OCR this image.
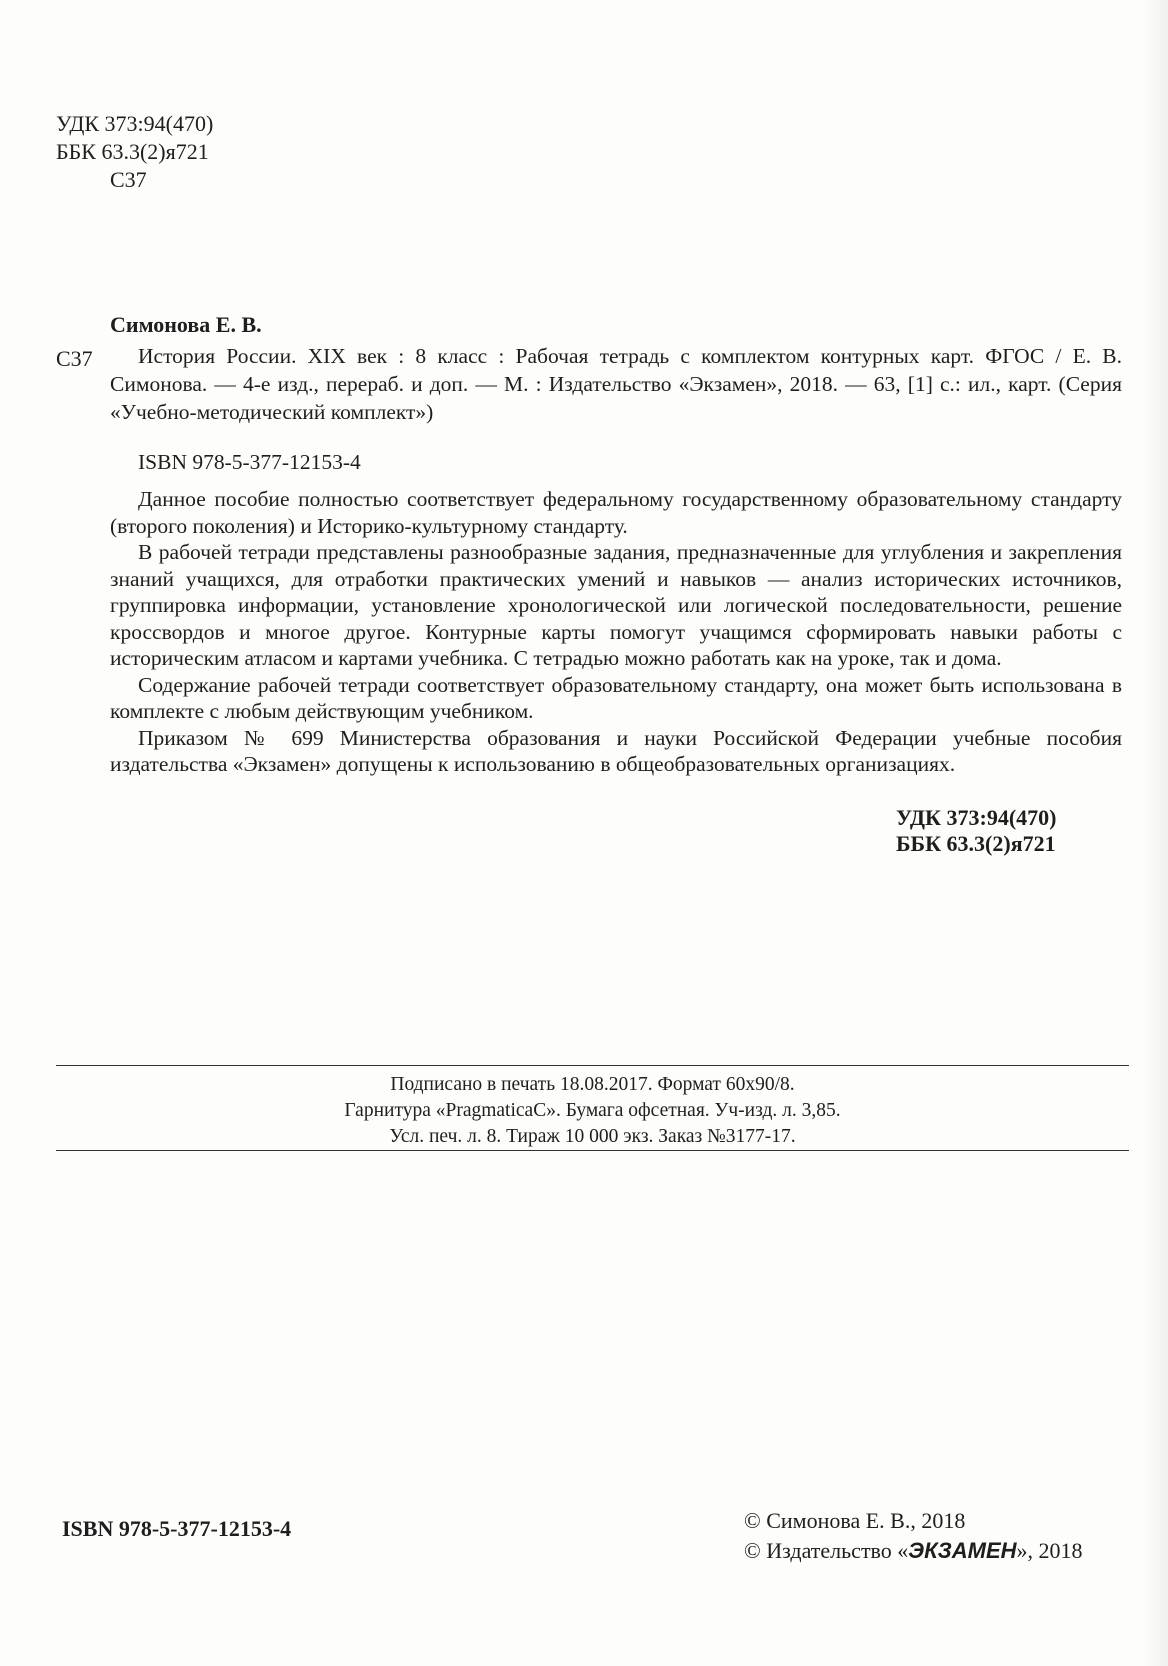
УДК 373:94(470)
ББК 63.3(2)я721
С37
Симонова Е. В.
С37	История России. XIX век : 8 класс : Рабочая тетрадь с комплектом контурных карт. ФГОС / Е. В. Симонова. — 4-е изд., перераб. и доп. — М. : Издательство «Экзамен», 2018. — 63, [1] с.: ил., карт. (Серия «Учебно-методический комплект»)
ISBN 978-5-377-12153-4

Данное пособие полностью соответствует федеральному государственному образовательному стандарту (второго поколения) и Историко-культурному стандарту.

В рабочей тетради представлены разнообразные задания, предназначенные для углубления и закрепления знаний учащихся, для отработки практических умений и навыков — анализ исторических источников, группировка информации, установление хронологической или логической последовательности, решение кроссвордов и многое другое. Контурные карты помогут учащимся сформировать навыки работы с историческим атласом и картами учебника. С тетрадью можно работать как на уроке, так и дома.

Содержание рабочей тетради соответствует образовательному стандарту, она может быть использована в комплекте с любым действующим учебником.

Приказом № 699 Министерства образования и науки Российской Федерации учебные пособия издательства «Экзамен» допущены к использованию в общеобразовательных организациях.

УДК 373:94(470)
ББК 63.3(2)я721
Подписано в печать 18.08.2017. Формат 60х90/8.
Гарнитура «PragmaticaC». Бумага офсетная. Уч-изд. л. 3,85.
Усл. печ. л. 8. Тираж 10 000 экз. Заказ №3177-17.
ISBN 978-5-377-12153-4	© Симонова Е. В., 2018
© Издательство «ЭКЗАМЕН», 2018
